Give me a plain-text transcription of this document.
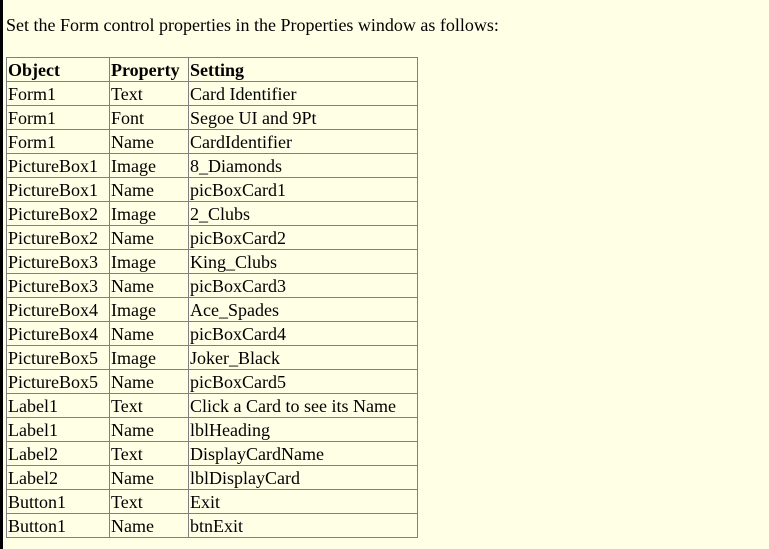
Set the Form control properties in the Properties window as follows:
Object	Property	Setting
Form1	Text	Card Identifier
Form1	Font	Segoe UI and 9Pt
Form1	Name	CardIdentifier
PictureBox1	Image	8_Diamonds
PictureBox1	Name	picBoxCard1
PictureBox2	Image	2_Clubs
PictureBox2	Name	picBoxCard2
PictureBox3	Image	King_Clubs
PictureBox3	Name	picBoxCard3
PictureBox4	Image	Ace_Spades
PictureBox4	Name	picBoxCard4
PictureBox5	Image	Joker_Black
PictureBox5	Name	picBoxCard5
Label1	Text	Click a Card to see its Name
Label1	Name	lblHeading
Label2	Text	DisplayCardName
Label2	Name	lblDisplayCard
Button1	Text	Exit
Button1	Name	btnExit
